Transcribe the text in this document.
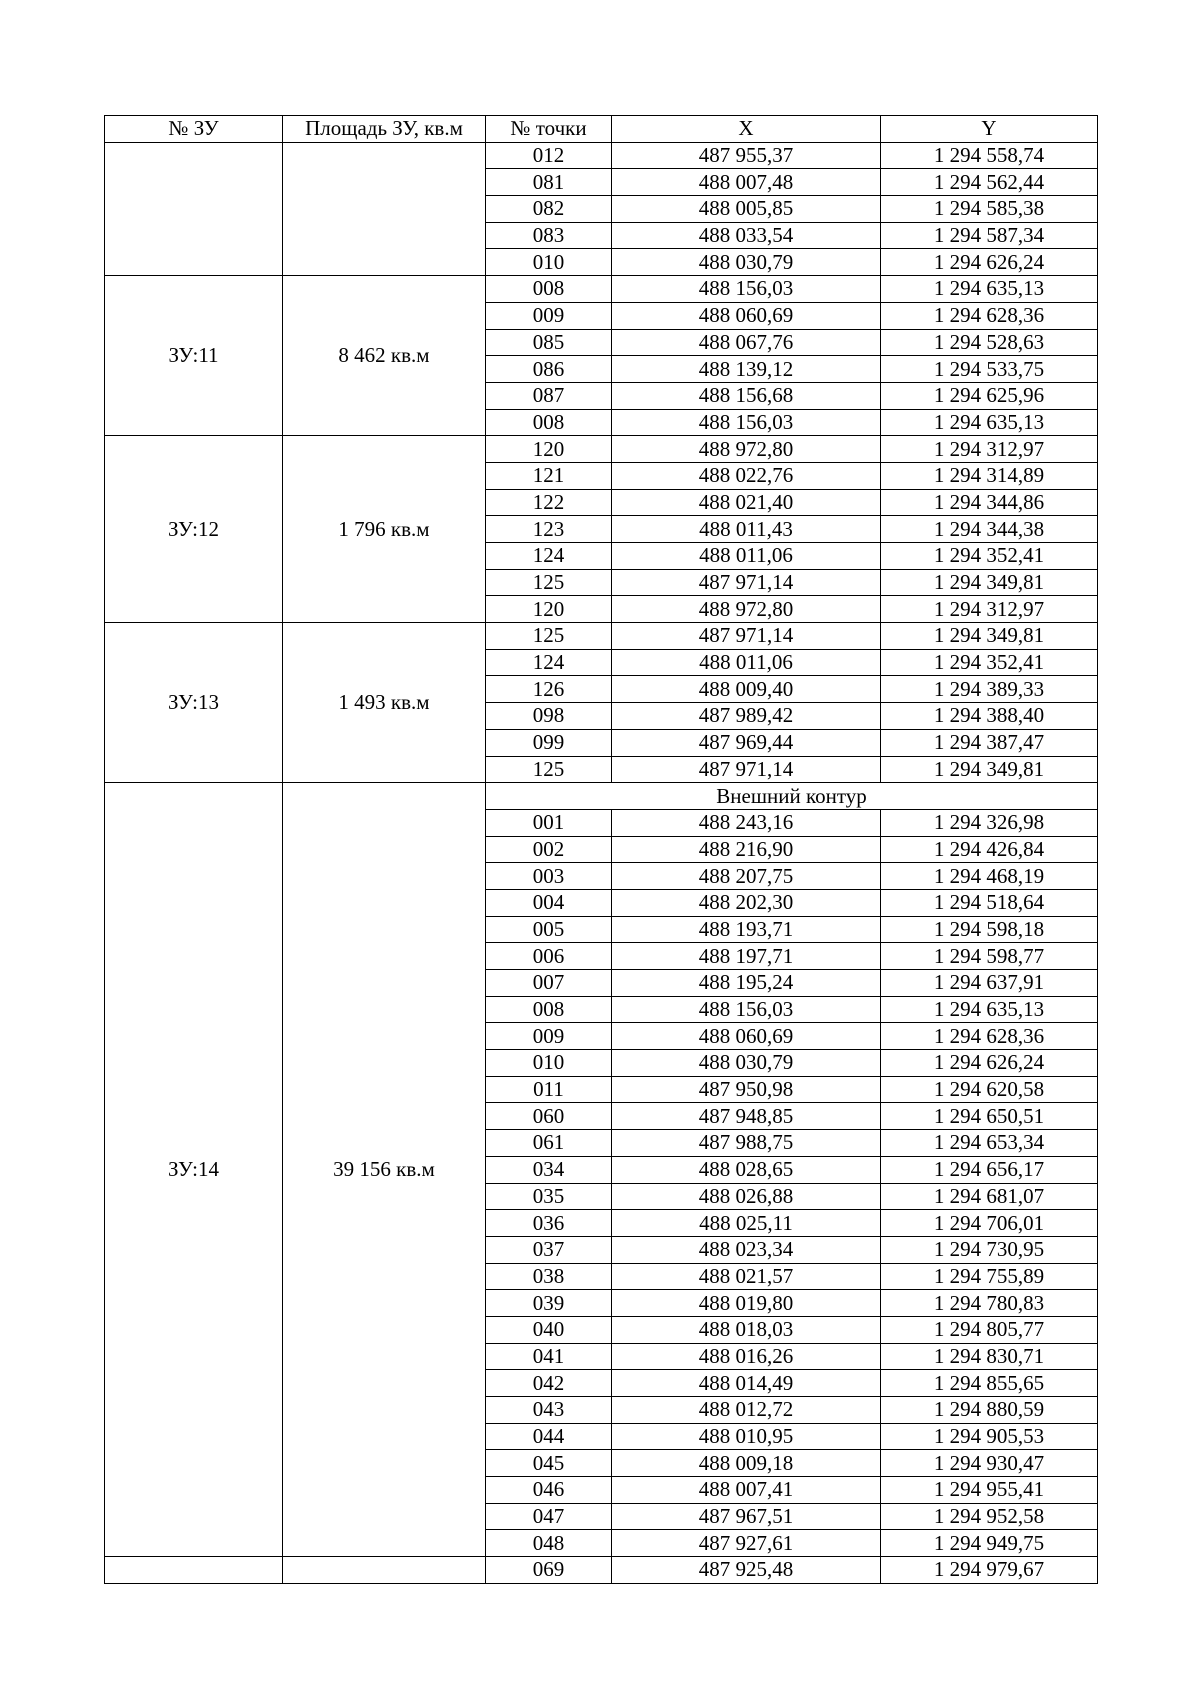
№ ЗУ	Площадь ЗУ, кв.м	№ точки	X	Y
		012	487 955,37	1 294 558,74
		081	488 007,48	1 294 562,44
		082	488 005,85	1 294 585,38
		083	488 033,54	1 294 587,34
		010	488 030,79	1 294 626,24
ЗУ:11	8 462 кв.м	008	488 156,03	1 294 635,13
		009	488 060,69	1 294 628,36
		085	488 067,76	1 294 528,63
		086	488 139,12	1 294 533,75
		087	488 156,68	1 294 625,96
		008	488 156,03	1 294 635,13
ЗУ:12	1 796 кв.м	120	488 972,80	1 294 312,97
		121	488 022,76	1 294 314,89
		122	488 021,40	1 294 344,86
		123	488 011,43	1 294 344,38
		124	488 011,06	1 294 352,41
		125	487 971,14	1 294 349,81
		120	488 972,80	1 294 312,97
ЗУ:13	1 493 кв.м	125	487 971,14	1 294 349,81
		124	488 011,06	1 294 352,41
		126	488 009,40	1 294 389,33
		098	487 989,42	1 294 388,40
		099	487 969,44	1 294 387,47
		125	487 971,14	1 294 349,81
ЗУ:14	39 156 кв.м	Внешний контур		
		001	488 243,16	1 294 326,98
		002	488 216,90	1 294 426,84
		003	488 207,75	1 294 468,19
		004	488 202,30	1 294 518,64
		005	488 193,71	1 294 598,18
		006	488 197,71	1 294 598,77
		007	488 195,24	1 294 637,91
		008	488 156,03	1 294 635,13
		009	488 060,69	1 294 628,36
		010	488 030,79	1 294 626,24
		011	487 950,98	1 294 620,58
		060	487 948,85	1 294 650,51
		061	487 988,75	1 294 653,34
		034	488 028,65	1 294 656,17
		035	488 026,88	1 294 681,07
		036	488 025,11	1 294 706,01
		037	488 023,34	1 294 730,95
		038	488 021,57	1 294 755,89
		039	488 019,80	1 294 780,83
		040	488 018,03	1 294 805,77
		041	488 016,26	1 294 830,71
		042	488 014,49	1 294 855,65
		043	488 012,72	1 294 880,59
		044	488 010,95	1 294 905,53
		045	488 009,18	1 294 930,47
		046	488 007,41	1 294 955,41
		047	487 967,51	1 294 952,58
		048	487 927,61	1 294 949,75
		069	487 925,48	1 294 979,67
